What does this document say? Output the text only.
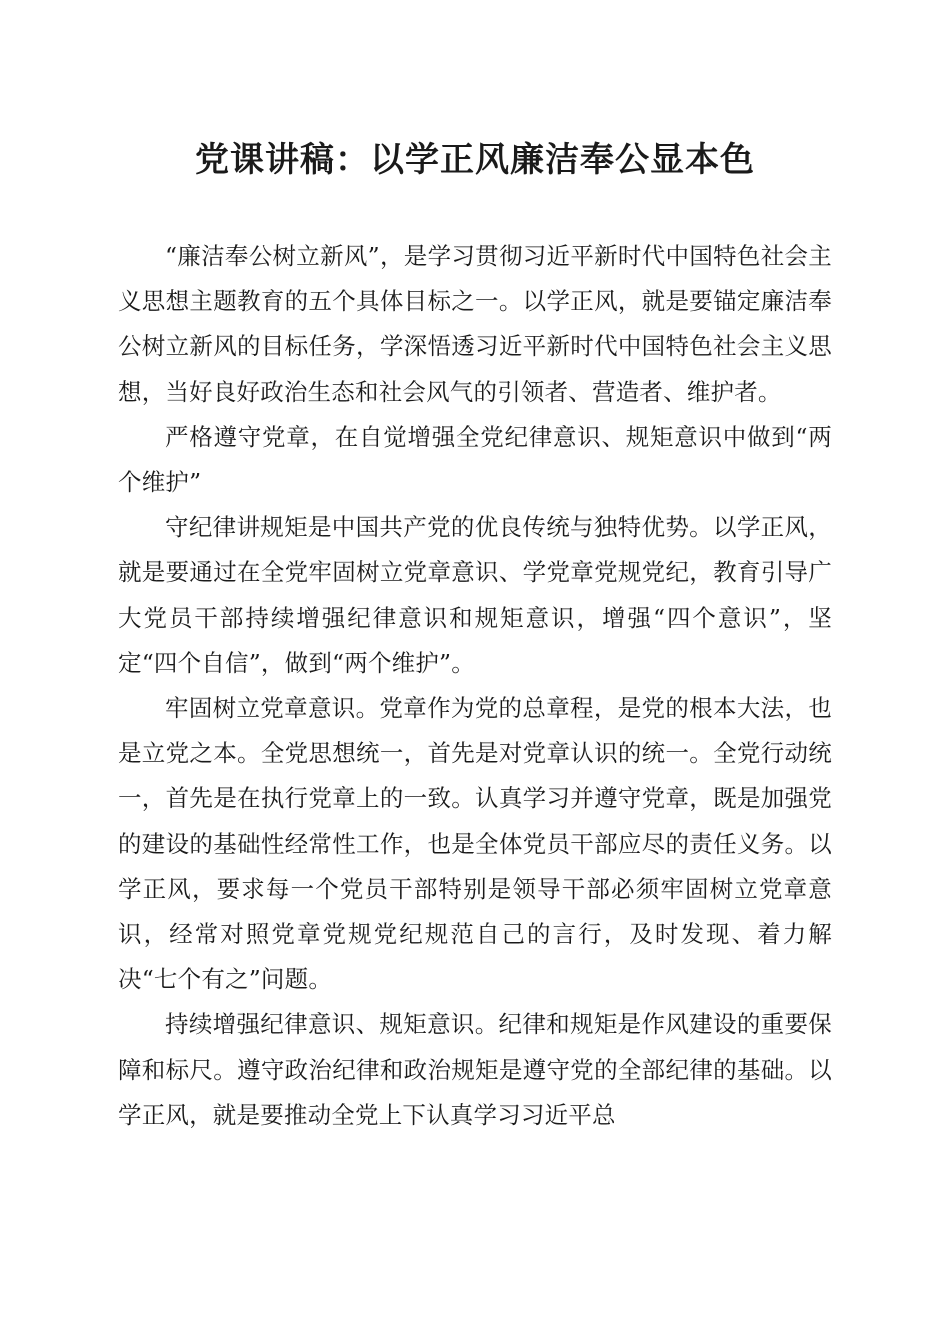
党课讲稿：以学正风廉洁奉公显本色

“廉洁奉公树立新风”，是学习贯彻习近平新时代中国特色社会主义思想主题教育的五个具体目标之一。以学正风，就是要锚定廉洁奉公树立新风的目标任务，学深悟透习近平新时代中国特色社会主义思想，当好良好政治生态和社会风气的引领者、营造者、维护者。

严格遵守党章，在自觉增强全党纪律意识、规矩意识中做到“两个维护”

守纪律讲规矩是中国共产党的优良传统与独特优势。以学正风，就是要通过在全党牢固树立党章意识、学党章党规党纪，教育引导广大党员干部持续增强纪律意识和规矩意识，增强“四个意识”，坚定“四个自信”，做到“两个维护”。

牢固树立党章意识。党章作为党的总章程，是党的根本大法，也是立党之本。全党思想统一，首先是对党章认识的统一。全党行动统一，首先是在执行党章上的一致。认真学习并遵守党章，既是加强党的建设的基础性经常性工作，也是全体党员干部应尽的责任义务。以学正风，要求每一个党员干部特别是领导干部必须牢固树立党章意识，经常对照党章党规党纪规范自己的言行，及时发现、着力解决“七个有之”问题。

持续增强纪律意识、规矩意识。纪律和规矩是作风建设的重要保障和标尺。遵守政治纪律和政治规矩是遵守党的全部纪律的基础。以学正风，就是要推动全党上下认真学习习近平总
